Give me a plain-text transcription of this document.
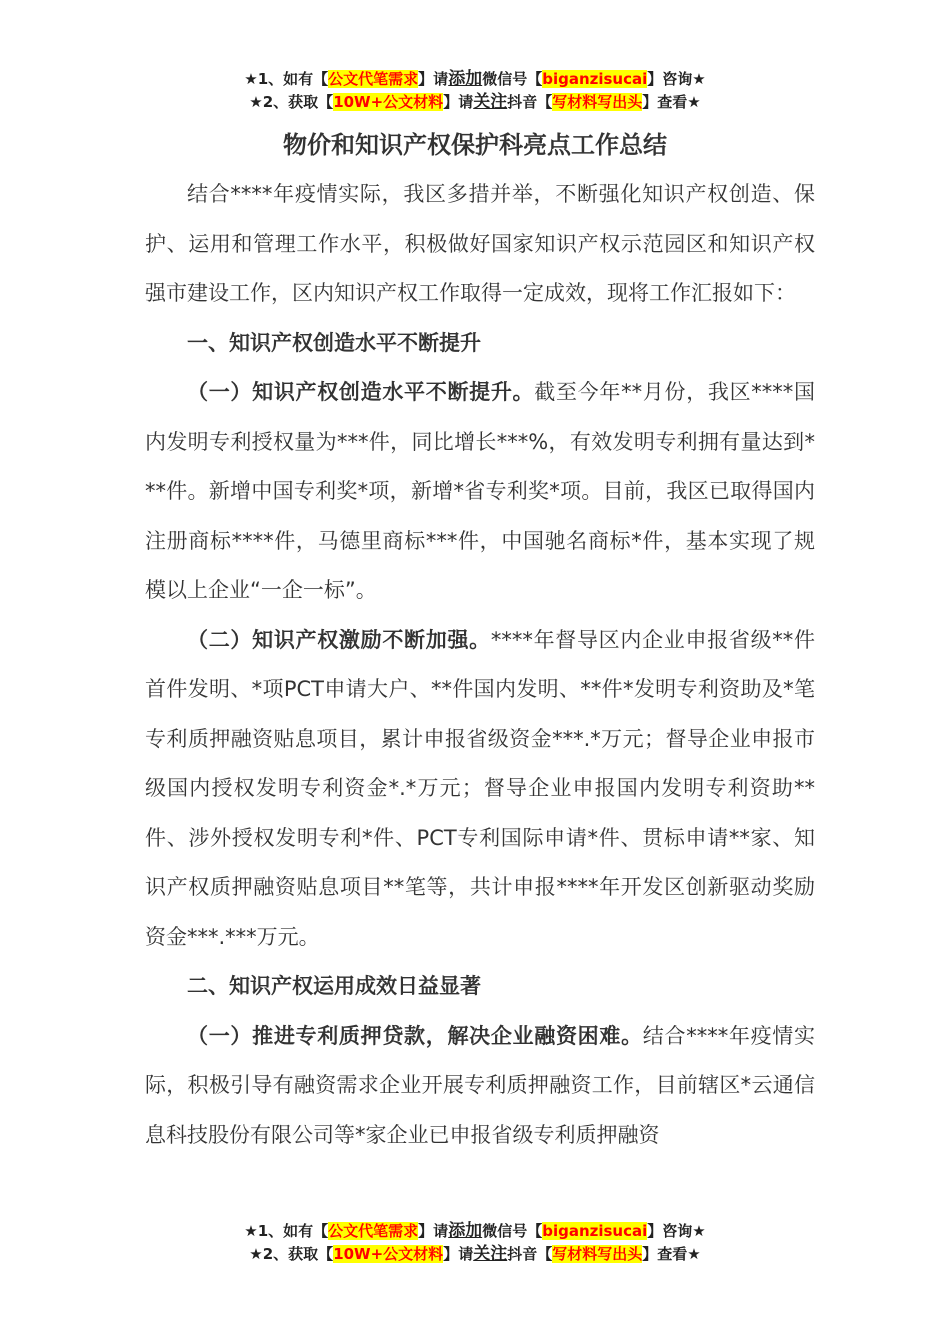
★1、如有【公文代笔需求】请添加微信号【biganzisucai】咨询★
★2、获取【10W+公文材料】请关注抖音【写材料写出头】查看★
物价和知识产权保护科亮点工作总结

结合****年疫情实际，我区多措并举，不断强化知识产权创造、保护、运用和管理工作水平，积极做好国家知识产权示范园区和知识产权强市建设工作，区内知识产权工作取得一定成效，现将工作汇报如下：

一、知识产权创造水平不断提升

（一）知识产权创造水平不断提升。截至今年**月份，我区****国内发明专利授权量为***件，同比增长***%，有效发明专利拥有量达到***件。新增中国专利奖*项，新增*省专利奖*项。目前，我区已取得国内注册商标****件，马德里商标***件，中国驰名商标*件，基本实现了规模以上企业“一企一标”。

（二）知识产权激励不断加强。****年督导区内企业申报省级**件首件发明、*项PCT申请大户、**件国内发明、**件*发明专利资助及*笔专利质押融资贴息项目，累计申报省级资金***.*万元；督导企业申报市级国内授权发明专利资金*.*万元；督导企业申报国内发明专利资助**件、涉外授权发明专利*件、PCT专利国际申请*件、贯标申请**家、知识产权质押融资贴息项目**笔等，共计申报****年开发区创新驱动奖励资金***.***万元。

二、知识产权运用成效日益显著

（一）推进专利质押贷款，解决企业融资困难。结合****年疫情实际，积极引导有融资需求企业开展专利质押融资工作，目前辖区*云通信息科技股份有限公司等*家企业已申报省级专利质押融资

★1、如有【公文代笔需求】请添加微信号【biganzisucai】咨询★
★2、获取【10W+公文材料】请关注抖音【写材料写出头】查看★
